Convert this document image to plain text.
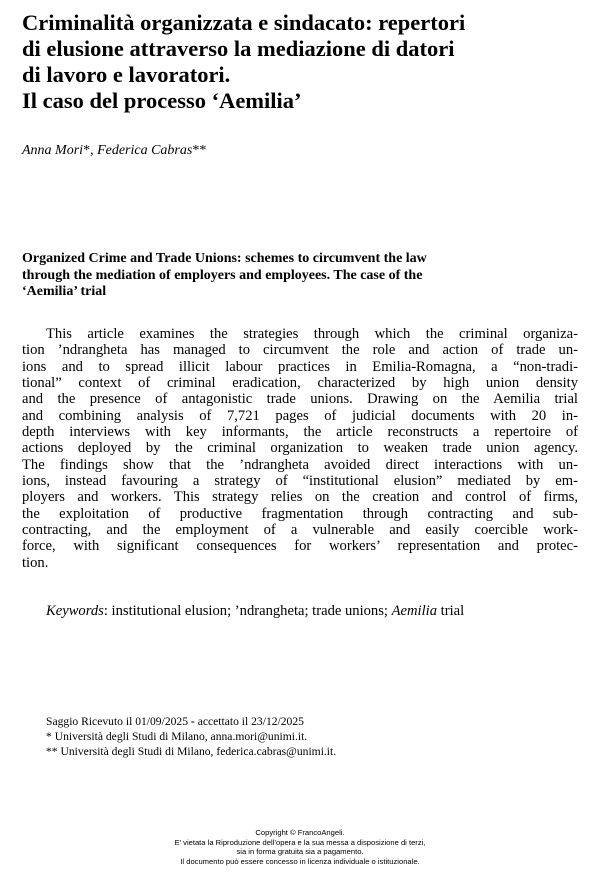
Criminalità organizzata e sindacato: repertori
di elusione attraverso la mediazione di datori
di lavoro e lavoratori.
Il caso del processo ‘Aemilia’
Anna Mori*, Federica Cabras**
Organized Crime and Trade Unions: schemes to circumvent the law
through the mediation of employers and employees. The case of the
‘Aemilia’ trial
This article examines the strategies through which the criminal organiza-
tion ’ndrangheta has managed to circumvent the role and action of trade un-
ions and to spread illicit labour practices in Emilia-Romagna, a “non-tradi-
tional” context of criminal eradication, characterized by high union density
and the presence of antagonistic trade unions. Drawing on the Aemilia trial
and combining analysis of 7,721 pages of judicial documents with 20 in-
depth interviews with key informants, the article reconstructs a repertoire of
actions deployed by the criminal organization to weaken trade union agency.
The findings show that the ’ndrangheta avoided direct interactions with un-
ions, instead favouring a strategy of “institutional elusion” mediated by em-
ployers and workers. This strategy relies on the creation and control of firms,
the exploitation of productive fragmentation through contracting and sub-
contracting, and the employment of a vulnerable and easily coercible work-
force, with significant consequences for workers’ representation and protec-
tion.
Keywords: institutional elusion; ’ndrangheta; trade unions; Aemilia trial
Saggio Ricevuto il 01/09/2025 - accettato il 23/12/2025
* Università degli Studi di Milano, anna.mori@unimi.it.
** Università degli Studi di Milano, federica.cabras@unimi.it.
Copyright © FrancoAngeli.
E’ vietata la Riproduzione dell’opera e la sua messa a disposizione di terzi,
sia in forma gratuita sia a pagamento.
Il documento può essere concesso in licenza individuale o istituzionale.
